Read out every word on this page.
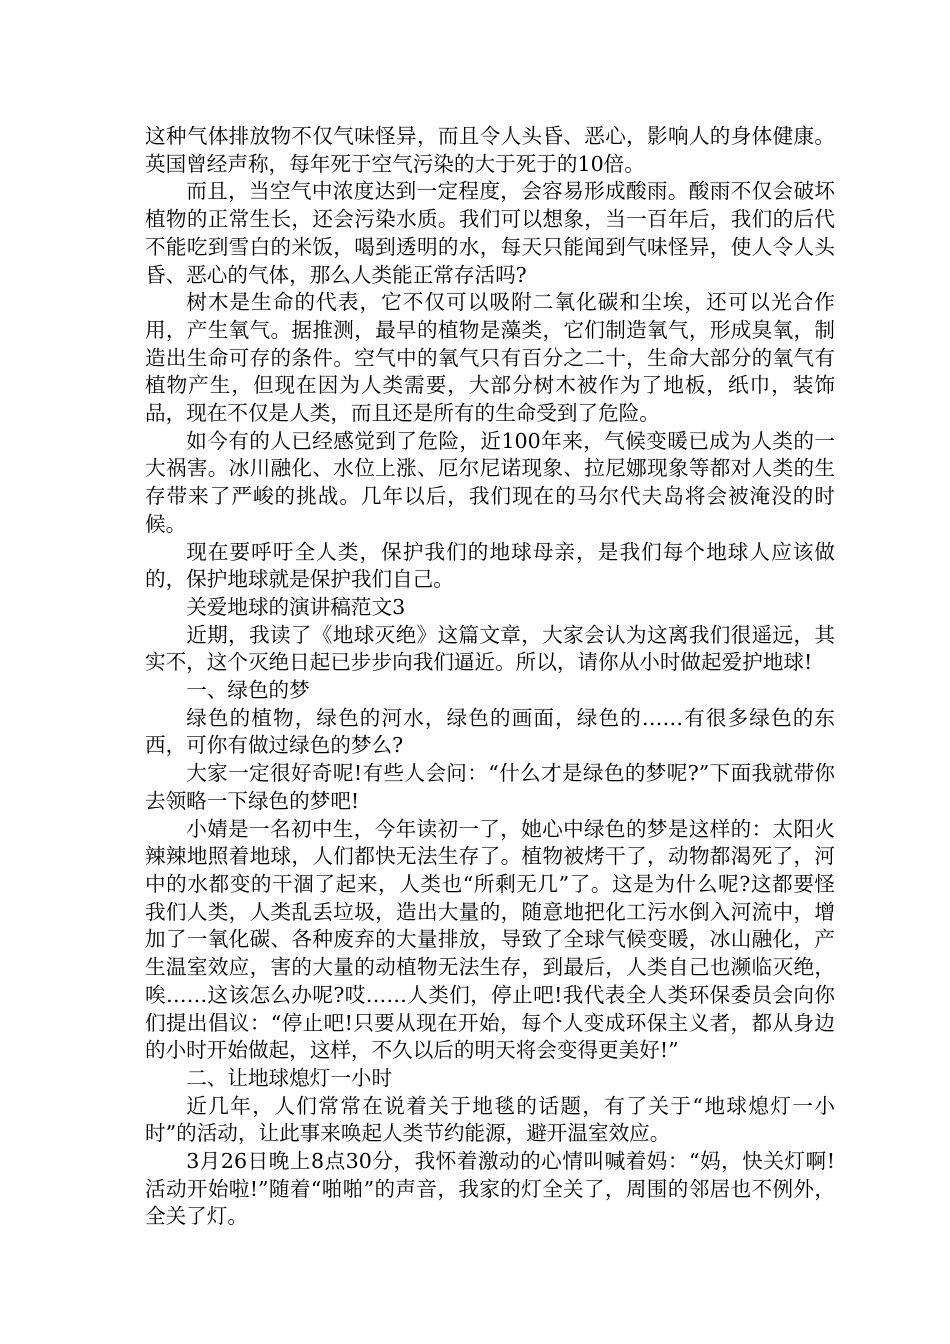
这种气体排放物不仅气味怪异，而且令人头昏、恶心，影响人的身体健康。英国曾经声称，每年死于空气污染的大于死于的10倍。

而且，当空气中浓度达到一定程度，会容易形成酸雨。酸雨不仅会破坏植物的正常生长，还会污染水质。我们可以想象，当一百年后，我们的后代不能吃到雪白的米饭，喝到透明的水，每天只能闻到气味怪异，使人令人头昏、恶心的气体，那么人类能正常存活吗?

树木是生命的代表，它不仅可以吸附二氧化碳和尘埃，还可以光合作用，产生氧气。据推测，最早的植物是藻类，它们制造氧气，形成臭氧，制造出生命可存的条件。空气中的氧气只有百分之二十，生命大部分的氧气有植物产生，但现在因为人类需要，大部分树木被作为了地板，纸巾，装饰品，现在不仅是人类，而且还是所有的生命受到了危险。

如今有的人已经感觉到了危险，近100年来，气候变暖已成为人类的一大祸害。冰川融化、水位上涨、厄尔尼诺现象、拉尼娜现象等都对人类的生存带来了严峻的挑战。几年以后，我们现在的马尔代夫岛将会被淹没的时候。

现在要呼吁全人类，保护我们的地球母亲，是我们每个地球人应该做的，保护地球就是保护我们自己。

关爱地球的演讲稿范文3

近期，我读了《地球灭绝》这篇文章，大家会认为这离我们很遥远，其实不，这个灭绝日起已步步向我们逼近。所以，请你从小时做起爱护地球!

一、绿色的梦

绿色的植物，绿色的河水，绿色的画面，绿色的……有很多绿色的东西，可你有做过绿色的梦么?

大家一定很好奇呢!有些人会问：“什么才是绿色的梦呢?”下面我就带你去领略一下绿色的梦吧!

小婧是一名初中生，今年读初一了，她心中绿色的梦是这样的：太阳火辣辣地照着地球，人们都快无法生存了。植物被烤干了，动物都渴死了，河中的水都变的干涸了起来，人类也“所剩无几”了。这是为什么呢?这都要怪我们人类，人类乱丢垃圾，造出大量的，随意地把化工污水倒入河流中，增加了一氧化碳、各种废弃的大量排放，导致了全球气候变暖，冰山融化，产生温室效应，害的大量的动植物无法生存，到最后，人类自己也濒临灭绝，唉……这该怎么办呢?哎……人类们，停止吧!我代表全人类环保委员会向你们提出倡议：“停止吧!只要从现在开始，每个人变成环保主义者，都从身边的小时开始做起，这样，不久以后的明天将会变得更美好!”

二、让地球熄灯一小时

近几年，人们常常在说着关于地毯的话题，有了关于“地球熄灯一小时”的活动，让此事来唤起人类节约能源，避开温室效应。

3月26日晚上8点30分，我怀着激动的心情叫喊着妈：“妈，快关灯啊!活动开始啦!”随着“啪啪”的声音，我家的灯全关了，周围的邻居也不例外，全关了灯。
